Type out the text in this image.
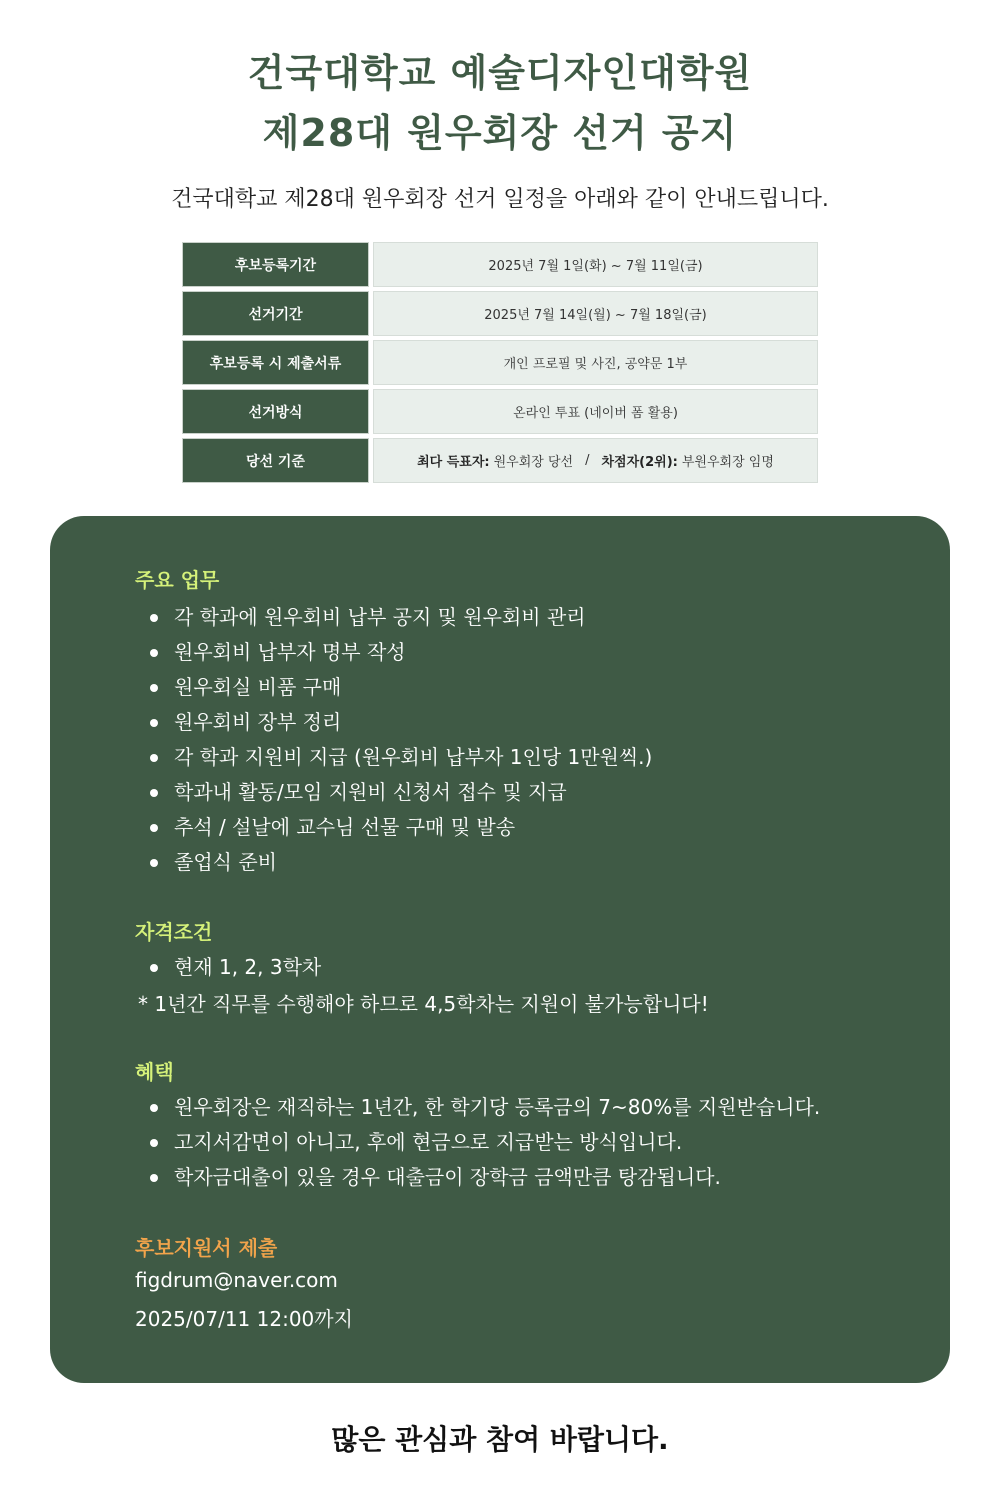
건국대학교 예술디자인대학원
제28대 원우회장 선거 공지
건국대학교 제28대 원우회장 선거 일정을 아래와 같이 안내드립니다.
후보등록기간	2025년 7월 1일(화) ~ 7월 11일(금)
선거기간	2025년 7월 14일(월) ~ 7월 18일(금)
후보등록 시 제출서류	개인 프로필 및 사진, 공약문 1부
선거방식	온라인 투표 (네이버 폼 활용)
당선 기준	최다 득표자: 원우회장 당선 / 차점자(2위): 부원우회장 임명
주요 업무
각 학과에 원우회비 납부 공지 및 원우회비 관리
원우회비 납부자 명부 작성
원우회실 비품 구매
원우회비 장부 정리
각 학과 지원비 지급 (원우회비 납부자 1인당 1만원씩.)
학과내 활동/모임 지원비 신청서 접수 및 지급
추석 / 설날에 교수님 선물 구매 및 발송
졸업식 준비
자격조건
현재 1, 2, 3학차
* 1년간 직무를 수행해야 하므로 4,5학차는 지원이 불가능합니다!
혜택
원우회장은 재직하는 1년간, 한 학기당 등록금의 7~80%를 지원받습니다.
고지서감면이 아니고, 후에 현금으로 지급받는 방식입니다.
학자금대출이 있을 경우 대출금이 장학금 금액만큼 탕감됩니다.
후보지원서 제출
figdrum@naver.com
2025/07/11 12:00까지
많은 관심과 참여 바랍니다.
